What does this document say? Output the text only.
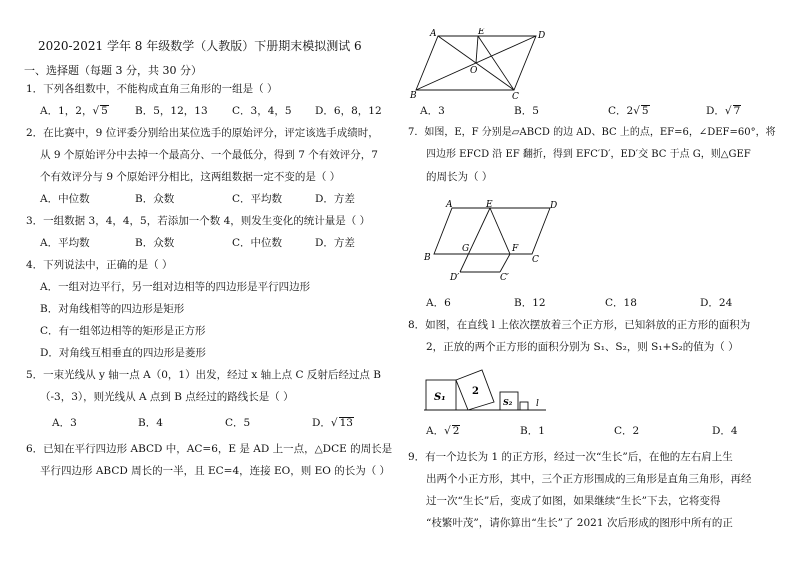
2020-2021 学年 8 年级数学（人教版）下册期末模拟测试 6
一、选择题（每题 3 分，共 30 分）
1．下列各组数中，不能构成直角三角形的一组是（ ）
A．1，2，√ 5	B．5，12，13 C．3，4，5 D．6，8，12
2．在比赛中，9 位评委分别给出某位选手的原始评分，评定该选手成绩时，
从 9 个原始评分中去掉一个最高分、一个最低分，得到 7 个有效评分，7
个有效评分与 9 个原始评分相比，这两组数据一定不变的是（ ）
A．中位数	B．众数	C．平均数	D．方差
3．一组数据 3，4，4，5，若添加一个数 4，则发生变化的统计量是（ ）
A．平均数	B．众数	C．中位数	D．方差
4．下列说法中，正确的是（ ）
A．一组对边平行，另一组对边相等的四边形是平行四边形
B．对角线相等的四边形是矩形
C．有一组邻边相等的矩形是正方形
D．对角线互相垂直的四边形是菱形
5．一束光线从 y 轴一点 A（0，1）出发，经过 x 轴上点 C 反射后经过点 B
（-3，3），则光线从 A 点到 B 点经过的路线长是（ ）
A．3	B．4	C．5	D．√ 13
6．已知在平行四边形 ABCD 中，AC=6，E 是 AD 上一点，△DCE 的周长是
平行四边形 ABCD 周长的一半，且 EC=4，连接 EO，则 EO 的长为（ ）
A	D
E
O
B	C
A．3	B．5	C．2√ 5	D．√ 7
7．如图，E，F 分别是▱ABCD 的边 AD、BC 上的点，EF=6，∠DEF=60°，将
四边形 EFCD 沿 EF 翻折，得到 EFC′D′，ED′交 BC 于点 G，则△GEF
的周长为（ ）
A	E	D
B
G	F
C
D′	C′
A．6	B．12	C．18	D．24
8．如图，在直线 l 上依次摆放着三个正方形，已知斜放的正方形的面积为
2，正放的两个正方形的面积分别为 S₁、S₂，则 S₁+S₂的值为（ ）
S₁
2
S₂	l
A．√ 2	B．1	C．2	D．4
9．有一个边长为 1 的正方形，经过一次“生长”后，在他的左右肩上生
出两个小正方形，其中，三个正方形围成的三角形是直角三角形，再经
过一次“生长”后，变成了如图，如果继续“生长”下去，它将变得
“枝繁叶茂”，请你算出“生长”了 2021 次后形成的图形中所有的正
